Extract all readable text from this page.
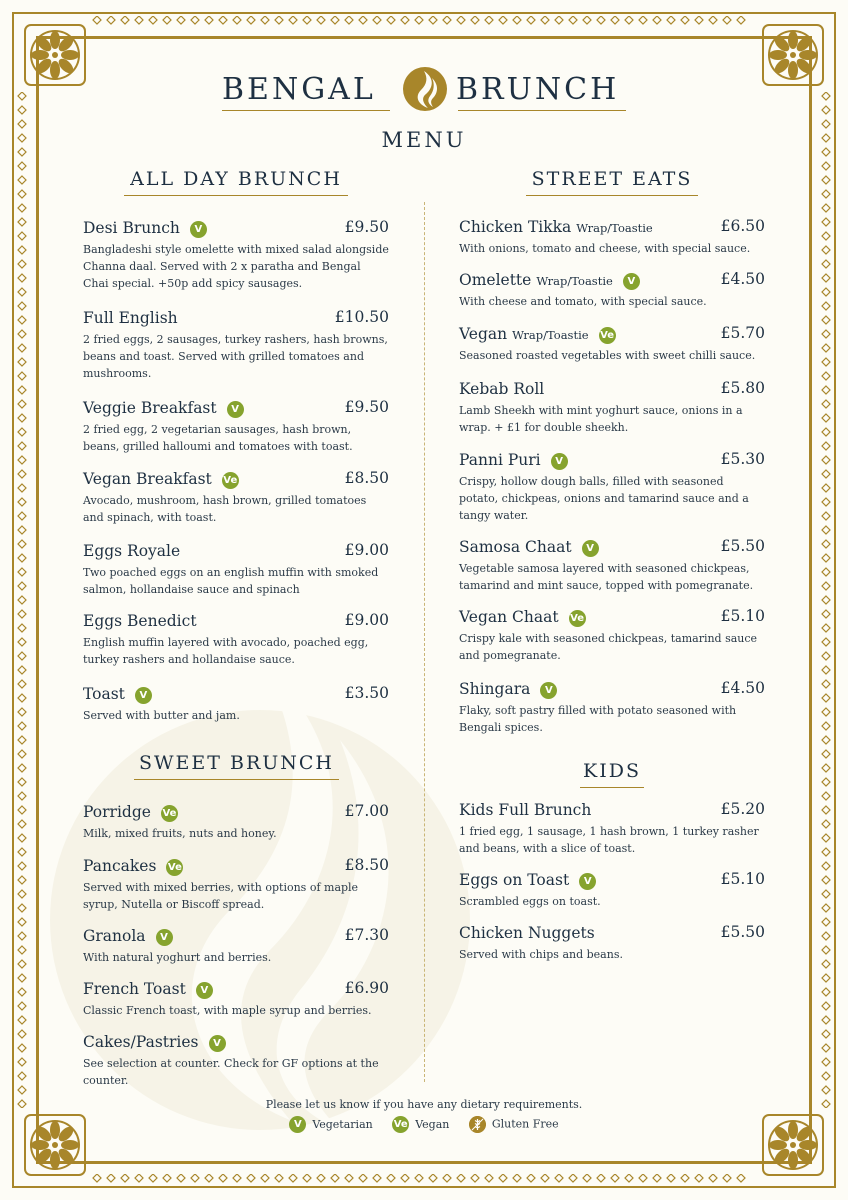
BENGAL	BRUNCH
MENU
ALL DAY BRUNCH	STREET EATS
SWEET BRUNCH	KIDS
Desi Brunch V	£9.50
Bangladeshi style omelette with mixed salad alongside Channa daal. Served with 2 x paratha and Bengal Chai special. +50p add spicy sausages.
Full English	£10.50
2 fried eggs, 2 sausages, turkey rashers, hash browns, beans and toast. Served with grilled tomatoes and mushrooms.
Veggie Breakfast V	£9.50
2 fried egg, 2 vegetarian sausages, hash brown, beans, grilled halloumi and tomatoes with toast.
Vegan Breakfast Ve	£8.50
Avocado, mushroom, hash brown, grilled tomatoes and spinach, with toast.
Eggs Royale	£9.00
Two poached eggs on an english muffin with smoked salmon, hollandaise sauce and spinach
Eggs Benedict	£9.00
English muffin layered with avocado, poached egg, turkey rashers and hollandaise sauce.
Toast V	£3.50
Served with butter and jam.
Porridge Ve	£7.00
Milk, mixed fruits, nuts and honey.
Pancakes Ve	£8.50
Served with mixed berries, with options of maple syrup, Nutella or Biscoff spread.
Granola V	£7.30
With natural yoghurt and berries.
French Toast V	£6.90
Classic French toast, with maple syrup and berries.
Cakes/Pastries V
See selection at counter. Check for GF options at the counter.
Chicken Tikka Wrap/Toastie	£6.50
With onions, tomato and cheese, with special sauce.
Omelette Wrap/Toastie V	£4.50
With cheese and tomato, with special sauce.
Vegan Wrap/Toastie Ve	£5.70
Seasoned roasted vegetables with sweet chilli sauce.
Kebab Roll	£5.80
Lamb Sheekh with mint yoghurt sauce, onions in a wrap. + £1 for double sheekh.
Panni Puri V	£5.30
Crispy, hollow dough balls, filled with seasoned potato, chickpeas, onions and tamarind sauce and a tangy water.
Samosa Chaat V	£5.50
Vegetable samosa layered with seasoned chickpeas, tamarind and mint sauce, topped with pomegranate.
Vegan Chaat Ve	£5.10
Crispy kale with seasoned chickpeas, tamarind sauce and pomegranate.
Shingara V	£4.50
Flaky, soft pastry filled with potato seasoned with Bengali spices.
Kids Full Brunch	£5.20
1 fried egg, 1 sausage, 1 hash brown, 1 turkey rasher and beans, with a slice of toast.
Eggs on Toast V	£5.10
Scrambled eggs on toast.
Chicken Nuggets	£5.50
Served with chips and beans.
Please let us know if you have any dietary requirements.
V Vegetarian Ve Vegan	Gluten Free
